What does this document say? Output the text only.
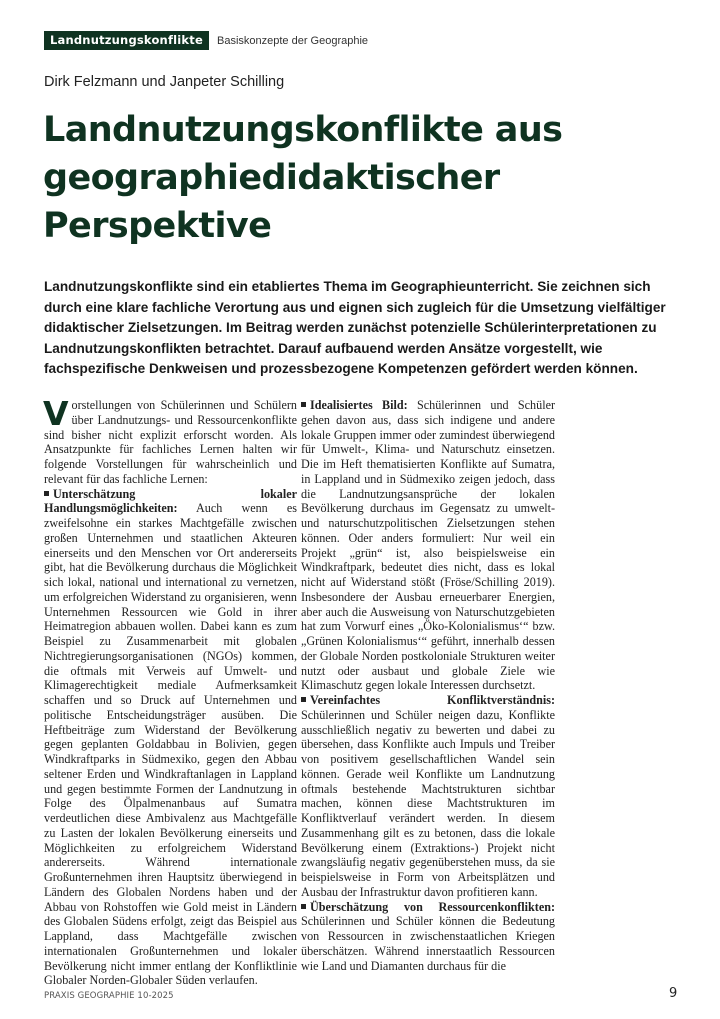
Landnutzungskonflikte	Basiskonzepte der Geographie
Dirk Felzmann und Janpeter Schilling
Landnutzungskonflikte aus geographiedidaktischer Perspektive

Landnutzungskonflikte sind ein etabliertes Thema im Geographieunterricht. Sie zeichnen sich durch eine klare fachliche Verortung aus und eignen sich zugleich für die Umsetzung vielfältiger didaktischer Zielsetzungen. Im Beitrag werden zunächst potenzielle Schülerinterpretationen zu Landnutzungskonflikten betrachtet. Darauf aufbauend werden Ansätze vorgestellt, wie fachspezifische Denkweisen und prozessbezogene Kompetenzen gefördert werden können.

Vorstellungen von Schülerinnen und Schülern über Landnutzungs- und Ressourcenkonflikte sind bisher nicht explizit erforscht worden. Als Ansatzpunkte für fachliches Lernen halten wir folgende Vorstellungen für wahrscheinlich und relevant für das fachliche Lernen:

Unterschätzung lokaler Handlungsmöglichkeiten: Auch wenn es zweifelsohne ein starkes Machtgefälle zwischen großen Unternehmen und staatlichen Akteuren einerseits und den Menschen vor Ort andererseits gibt, hat die Bevölkerung durchaus die Möglichkeit sich lokal, national und international zu vernetzen, um erfolgreichen Widerstand zu organisieren, wenn Unternehmen Ressourcen wie Gold in ihrer Heimatregion abbauen wollen. Dabei kann es zum Beispiel zu Zusammenarbeit mit globalen Nichtregierungsorganisationen (NGOs) kommen, die oftmals mit Verweis auf Umwelt- und Klimagerechtigkeit mediale Aufmerksamkeit schaffen und so Druck auf Unternehmen und politische Entscheidungsträger ausüben. Die Heftbeiträge zum Widerstand der Bevölkerung gegen geplanten Goldabbau in Bolivien, gegen Windkraftparks in Südmexiko, gegen den Abbau seltener Erden und Windkraftanlagen in Lappland und gegen bestimmte Formen der Landnutzung in Folge des Ölpalmenanbaus auf Sumatra verdeutlichen diese Ambivalenz aus Machtgefälle zu Lasten der lokalen Bevölkerung einerseits und Möglichkeiten zu erfolgreichem Widerstand andererseits. Während internationale Großunternehmen ihren Hauptsitz überwiegend in Ländern des Globalen Nordens haben und der Abbau von Rohstoffen wie Gold meist in Ländern des Globalen Südens erfolgt, zeigt das Beispiel aus Lappland, dass Machtgefälle zwischen internationalen Großunternehmen und lokaler Bevölkerung nicht immer entlang der Konfliktlinie Globaler Norden-Globaler Süden verlaufen.

Idealisiertes Bild: Schülerinnen und Schüler gehen davon aus, dass sich indigene und andere lokale Gruppen immer oder zumindest überwiegend für Umwelt-, Klima- und Naturschutz einsetzen. Die im Heft thematisierten Konflikte auf Sumatra, in Lappland und in Südmexiko zeigen jedoch, dass die Landnutzungsansprüche der lokalen Bevölkerung durchaus im Gegensatz zu umwelt- und naturschutzpolitischen Zielsetzungen stehen können. Oder anders formuliert: Nur weil ein Projekt „grün“ ist, also beispielsweise ein Windkraftpark, bedeutet dies nicht, dass es lokal nicht auf Widerstand stößt (Fröse/Schilling 2019). Insbesondere der Ausbau erneuerbarer Energien, aber auch die Ausweisung von Naturschutzgebieten hat zum Vorwurf eines „Öko-Kolonialismus‘“ bzw. „Grünen Kolonialismus‘“ geführt, innerhalb dessen der Globale Norden postkoloniale Strukturen weiter nutzt oder ausbaut und globale Ziele wie Klimaschutz gegen lokale Interessen durchsetzt.

Vereinfachtes Konfliktverständnis: Schülerinnen und Schüler neigen dazu, Konflikte ausschließlich negativ zu bewerten und dabei zu übersehen, dass Konflikte auch Impuls und Treiber von positivem gesellschaftlichen Wandel sein können. Gerade weil Konflikte um Landnutzung oftmals bestehende Machtstrukturen sichtbar machen, können diese Machtstrukturen im Konfliktverlauf verändert werden. In diesem Zusammenhang gilt es zu betonen, dass die lokale Bevölkerung einem (Extraktions-) Projekt nicht zwangsläufig negativ gegenüberstehen muss, da sie beispielsweise in Form von Arbeitsplätzen und Ausbau der Infrastruktur davon profitieren kann.

Überschätzung von Ressourcenkonflikten: Schülerinnen und Schüler können die Bedeutung von Ressourcen in zwischenstaatlichen Kriegen überschätzen. Während innerstaatlich Ressourcen wie Land und Diamanten durchaus für die

PRAXIS GEOGRAPHIE 10-2025	9
